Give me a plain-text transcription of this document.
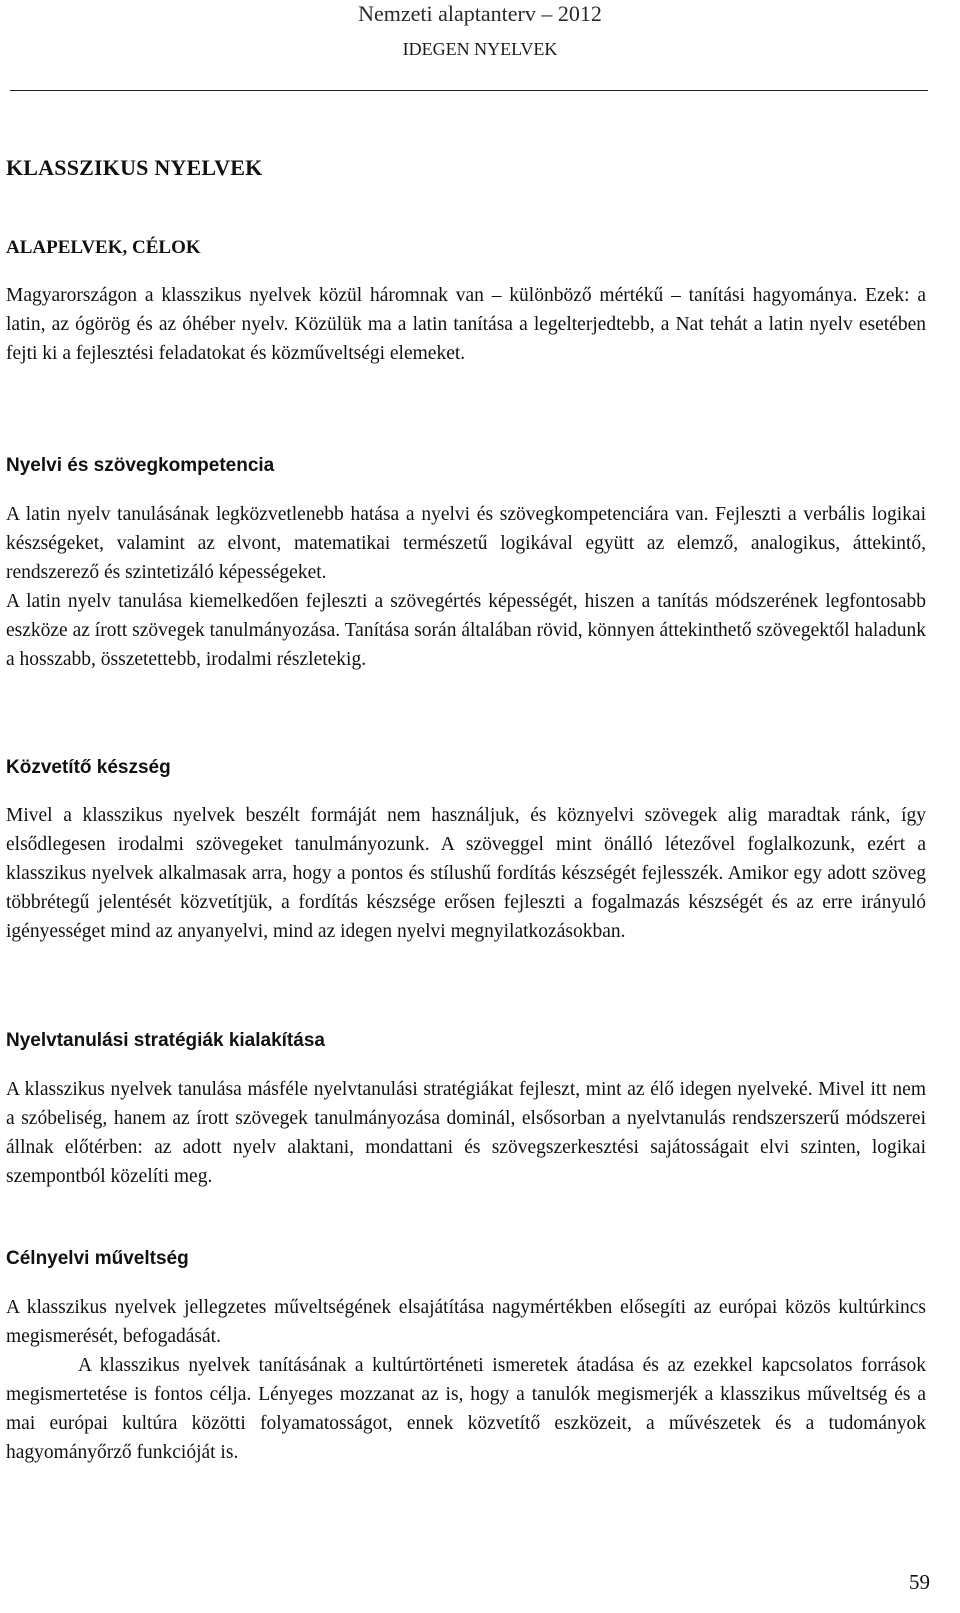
Nemzeti alaptanterv – 2012
IDEGEN NYELVEK
KLASSZIKUS NYELVEK
ALAPELVEK, CÉLOK

Magyarországon a klasszikus nyelvek közül háromnak van – különböző mértékű – tanítási hagyománya. Ezek: a latin, az ógörög és az óhéber nyelv. Közülük ma a latin tanítása a legelterjedtebb, a Nat tehát a latin nyelv esetében fejti ki a fejlesztési feladatokat és közműveltségi elemeket.

Nyelvi és szövegkompetencia

A latin nyelv tanulásának legközvetlenebb hatása a nyelvi és szövegkompetenciára van. Fejleszti a verbális logikai készségeket, valamint az elvont, matematikai természetű logikával együtt az elemző, analogikus, áttekintő, rendszerező és szintetizáló képességeket.

A latin nyelv tanulása kiemelkedően fejleszti a szövegértés képességét, hiszen a tanítás módszerének legfontosabb eszköze az írott szövegek tanulmányozása. Tanítása során általában rövid, könnyen áttekinthető szövegektől haladunk a hosszabb, összetettebb, irodalmi részletekig.

Közvetítő készség

Mivel a klasszikus nyelvek beszélt formáját nem használjuk, és köznyelvi szövegek alig maradtak ránk, így elsődlegesen irodalmi szövegeket tanulmányozunk. A szöveggel mint önálló létezővel foglalkozunk, ezért a klasszikus nyelvek alkalmasak arra, hogy a pontos és stílushű fordítás készségét fejlesszék. Amikor egy adott szöveg többrétegű jelentését közvetítjük, a fordítás készsége erősen fejleszti a fogalmazás készségét és az erre irányuló igényességet mind az anyanyelvi, mind az idegen nyelvi megnyilatkozásokban.

Nyelvtanulási stratégiák kialakítása

A klasszikus nyelvek tanulása másféle nyelvtanulási stratégiákat fejleszt, mint az élő idegen nyelveké. Mivel itt nem a szóbeliség, hanem az írott szövegek tanulmányozása dominál, elsősorban a nyelvtanulás rendszerszerű módszerei állnak előtérben: az adott nyelv alaktani, mondattani és szövegszerkesztési sajátosságait elvi szinten, logikai szempontból közelíti meg.

Célnyelvi műveltség

A klasszikus nyelvek jellegzetes műveltségének elsajátítása nagymértékben elősegíti az európai közös kultúrkincs megismerését, befogadását.

A klasszikus nyelvek tanításának a kultúrtörténeti ismeretek átadása és az ezekkel kapcsolatos források megismertetése is fontos célja. Lényeges mozzanat az is, hogy a tanulók megismerjék a klasszikus műveltség és a mai európai kultúra közötti folyamatosságot, ennek közvetítő eszközeit, a művészetek és a tudományok hagyományőrző funkcióját is.

59
